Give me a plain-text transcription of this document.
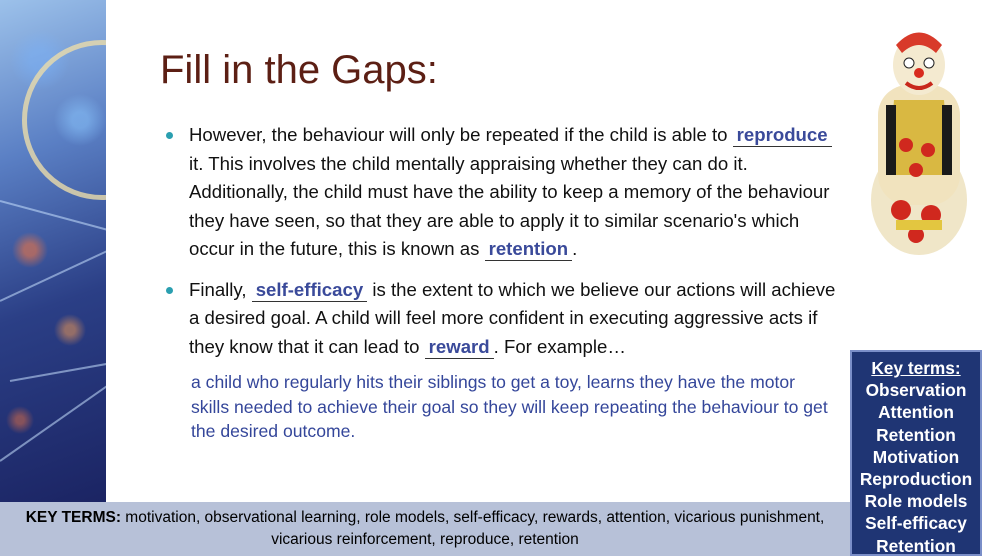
Fill in the Gaps:
However, the behaviour will only be repeated if the child is able to reproduce it. This involves the child mentally appraising whether they can do it. Additionally, the child must have the ability to keep a memory of the behaviour they have seen, so that they are able to apply it to similar scenario's which occur in the future, this is known as retention .
Finally, self-efficacy is the extent to which we believe our actions will achieve a desired goal. A child will feel more confident in executing aggressive acts if they know that it can lead to reward . For example…
a child who regularly hits their siblings to get a toy, learns they have the motor skills needed to achieve their goal so they will keep repeating the behaviour to get the desired outcome.
Key terms:
Observation
Attention
Retention
Motivation
Reproduction
Role models
Self-efficacy
Retention
KEY TERMS: motivation, observational learning, role models, self-efficacy, rewards, attention, vicarious punishment, vicarious reinforcement, reproduce, retention
